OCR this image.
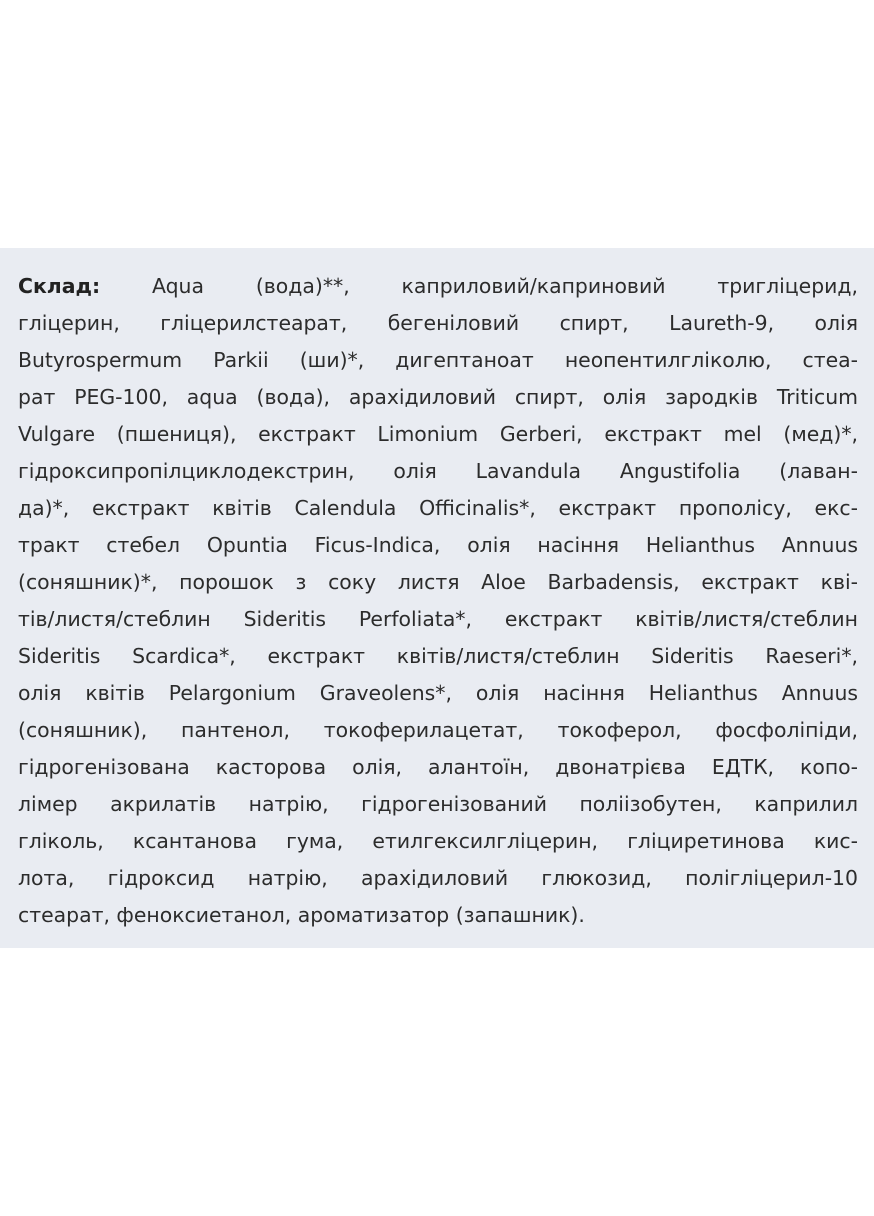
Склад:	Aqua (вода)**, каприловий/каприновий тригліцерид,
гліцерин, гліцерилстеарат, бегеніловий спирт, Laureth-9, олія
Butyrospermum Parkii (ши)*, дигептаноат неопентилгліколю, стеа-
рат PEG-100, aqua (вода), арахідиловий спирт, олія зародків Triticum
Vulgare (пшениця), екстракт Limonium Gerberi, екстракт mel (мед)*,
гідроксипропілциклодекстрин, олія Lavandula Angustifolia (лаван-
да)*, екстракт квітів Calendula Officinalis*, екстракт прополісу, екс-
тракт стебел Opuntia Ficus-Indica, олія насіння Helianthus Annuus
(соняшник)*, порошок з соку листя Aloe Barbadensis, екстракт кві-
тів/листя/стеблин Sideritis Perfoliata*, екстракт квітів/листя/стеблин
Sideritis Scardica*, екстракт квітів/листя/стеблин Sideritis Raeseri*,
олія квітів Pelargonium Graveolens*, олія насіння Helianthus Annuus
(соняшник), пантенол, токоферилацетат, токоферол, фосфоліпіди,
гідрогенізована касторова олія, алантоїн, двонатрієва ЕДТК, копо-
лімер акрилатів натрію, гідрогенізований поліізобутен, каприлил
гліколь, ксантанова гума, етилгексилгліцерин, гліциретинова кис-
лота, гідроксид натрію, арахідиловий глюкозид, полігліцерил-10
стеарат, феноксиетанол, ароматизатор (запашник).
